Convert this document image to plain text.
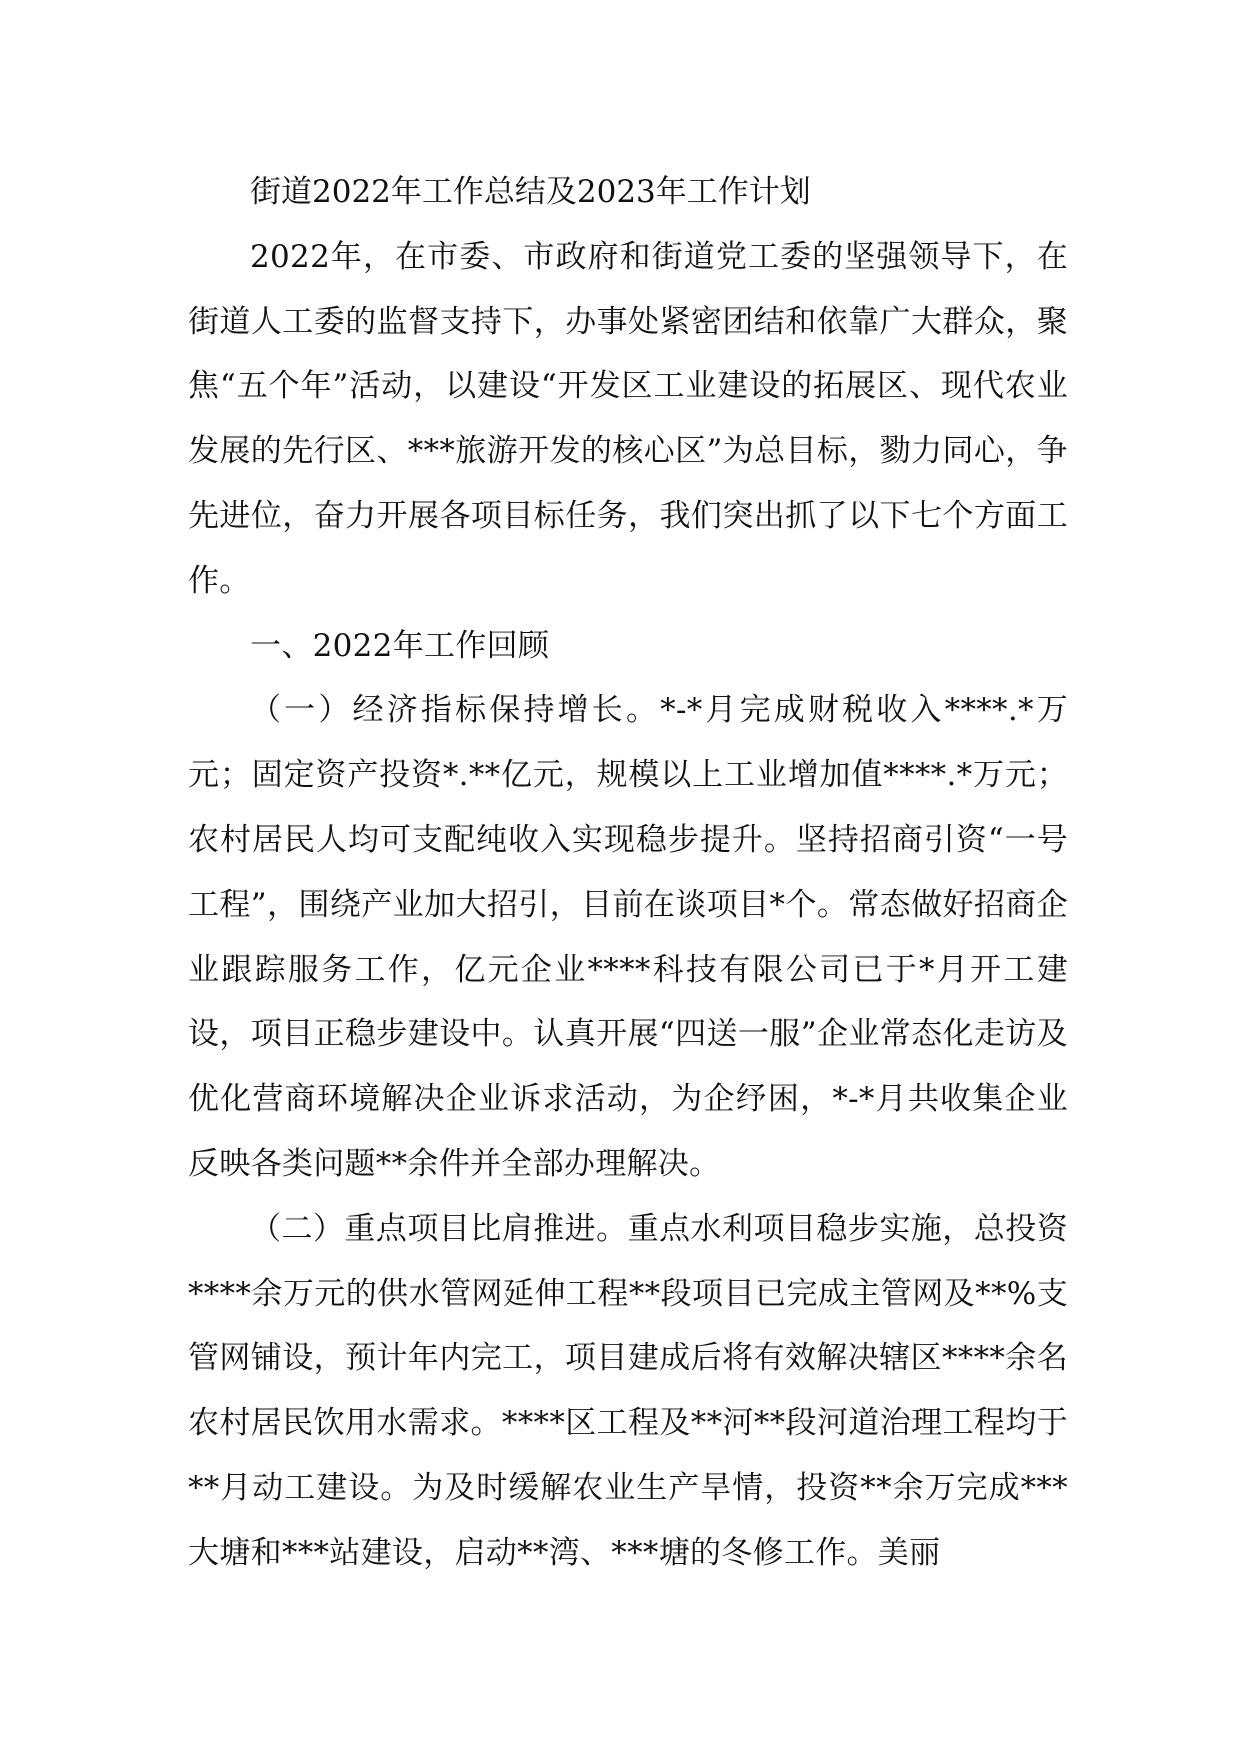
街道2022年工作总结及2023年工作计划

2022年，在市委、市政府和街道党工委的坚强领导下，在街道人工委的监督支持下，办事处紧密团结和依靠广大群众，聚焦“五个年”活动，以建设“开发区工业建设的拓展区、现代农业发展的先行区、***旅游开发的核心区”为总目标，勠力同心，争先进位，奋力开展各项目标任务，我们突出抓了以下七个方面工作。

一、2022年工作回顾

（一）经济指标保持增长。*-*月完成财税收入****.*万元；固定资产投资*.**亿元，规模以上工业增加值****.*万元；农村居民人均可支配纯收入实现稳步提升。坚持招商引资“一号工程”，围绕产业加大招引，目前在谈项目*个。常态做好招商企业跟踪服务工作，亿元企业****科技有限公司已于*月开工建设，项目正稳步建设中。认真开展“四送一服”企业常态化走访及优化营商环境解决企业诉求活动，为企纾困，*-*月共收集企业反映各类问题**余件并全部办理解决。

（二）重点项目比肩推进。重点水利项目稳步实施，总投资****余万元的供水管网延伸工程**段项目已完成主管网及**%支管网铺设，预计年内完工，项目建成后将有效解决辖区****余名农村居民饮用水需求。****区工程及**河**段河道治理工程均于**月动工建设。为及时缓解农业生产旱情，投资**余万完成***大塘和***站建设，启动**湾、***塘的冬修工作。美丽
